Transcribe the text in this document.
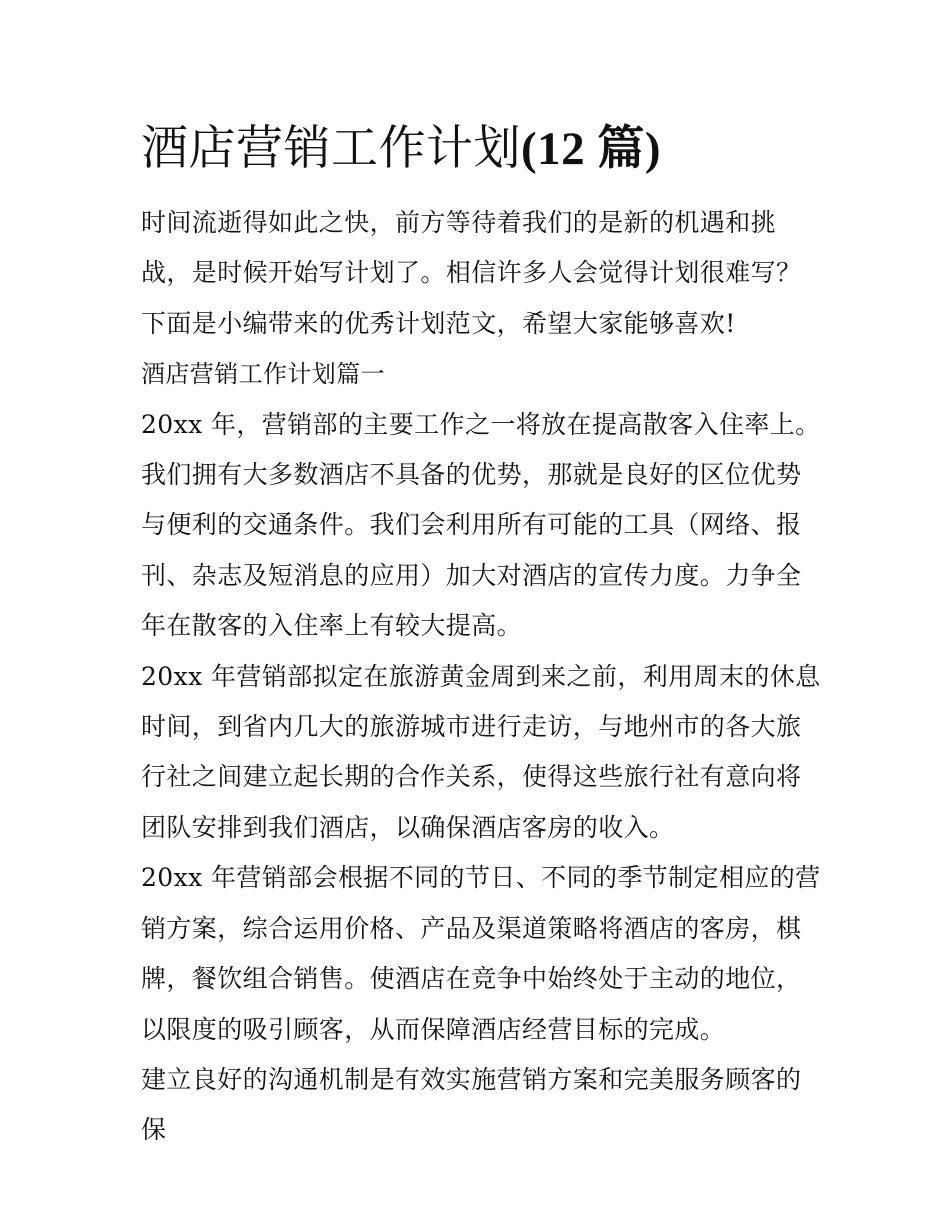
酒店营销工作计划(12 篇)

时间流逝得如此之快，前方等待着我们的是新的机遇和挑战，是时候开始写计划了。相信许多人会觉得计划很难写？下面是小编带来的优秀计划范文，希望大家能够喜欢!

酒店营销工作计划篇一

20xx 年，营销部的主要工作之一将放在提高散客入住率上。

我们拥有大多数酒店不具备的优势，那就是良好的区位优势与便利的交通条件。我们会利用所有可能的工具（网络、报刊、杂志及短消息的应用）加大对酒店的宣传力度。力争全年在散客的入住率上有较大提高。

20xx 年营销部拟定在旅游黄金周到来之前，利用周末的休息时间，到省内几大的旅游城市进行走访，与地州市的各大旅行社之间建立起长期的合作关系，使得这些旅行社有意向将团队安排到我们酒店，以确保酒店客房的收入。

20xx 年营销部会根据不同的节日、不同的季节制定相应的营销方案，综合运用价格、产品及渠道策略将酒店的客房，棋牌，餐饮组合销售。使酒店在竞争中始终处于主动的地位，以限度的吸引顾客，从而保障酒店经营目标的完成。

建立良好的沟通机制是有效实施营销方案和完美服务顾客的保
